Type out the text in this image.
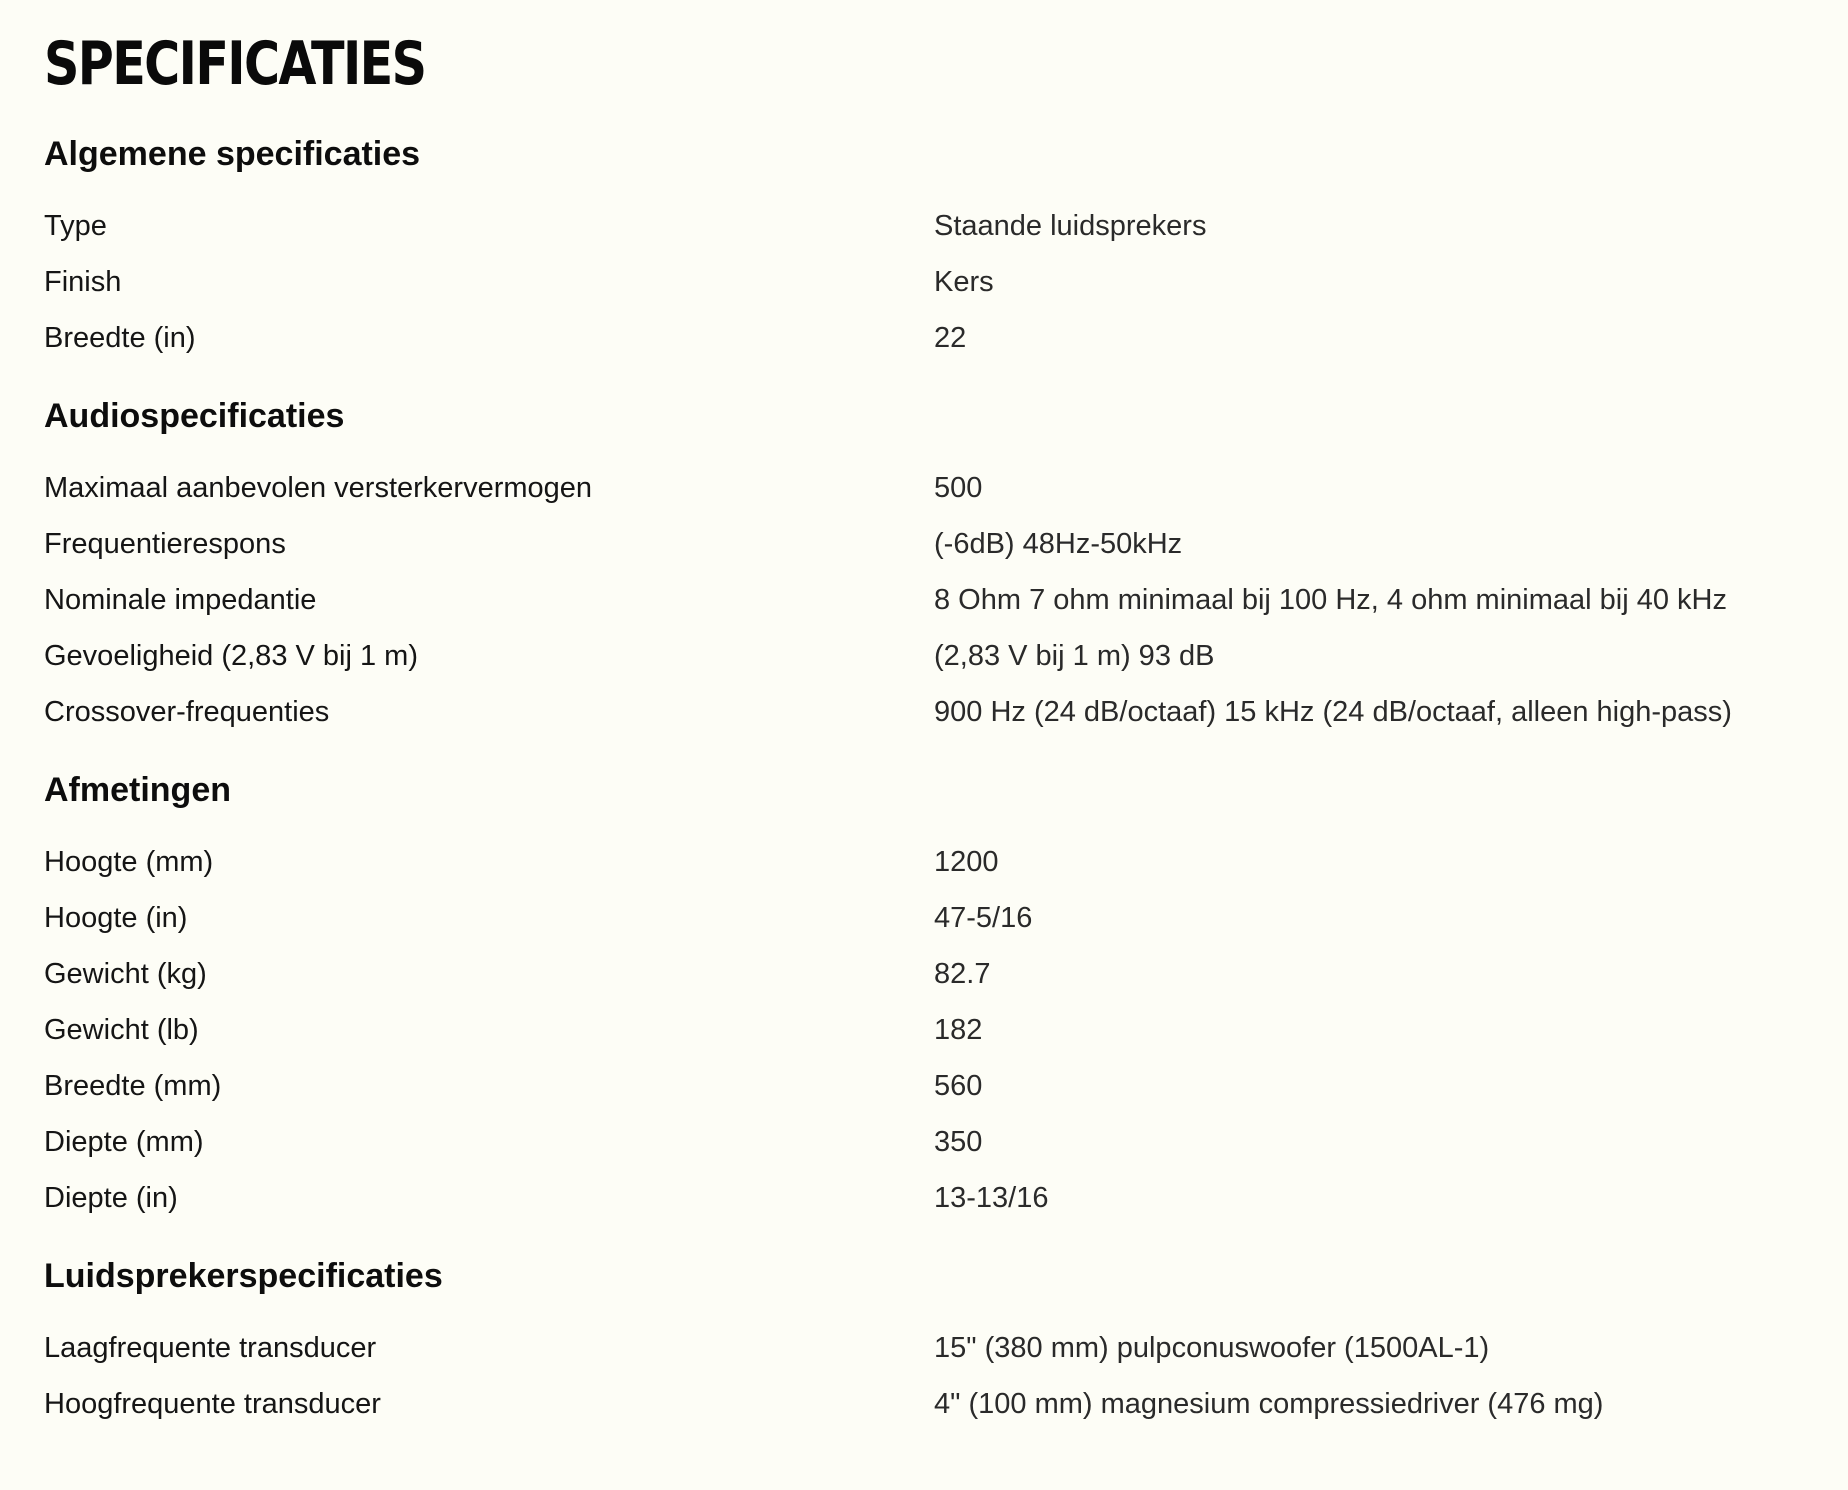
SPECIFICATIES
Algemene specificaties
Type	Staande luidsprekers
Finish	Kers
Breedte (in)	22
Audiospecificaties
Maximaal aanbevolen versterkervermogen	500
Frequentierespons	(-6dB) 48Hz-50kHz
Nominale impedantie	8 Ohm 7 ohm minimaal bij 100 Hz, 4 ohm minimaal bij 40 kHz
Gevoeligheid (2,83 V bij 1 m)	(2,83 V bij 1 m) 93 dB
Crossover-frequenties	900 Hz (24 dB/octaaf) 15 kHz (24 dB/octaaf, alleen high-pass)
Afmetingen
Hoogte (mm)	1200
Hoogte (in)	47-5/16
Gewicht (kg)	82.7
Gewicht (lb)	182
Breedte (mm)	560
Diepte (mm)	350
Diepte (in)	13-13/16
Luidsprekerspecificaties
Laagfrequente transducer	15" (380 mm) pulpconuswoofer (1500AL-1)
Hoogfrequente transducer	4" (100 mm) magnesium compressiedriver (476 mg)
